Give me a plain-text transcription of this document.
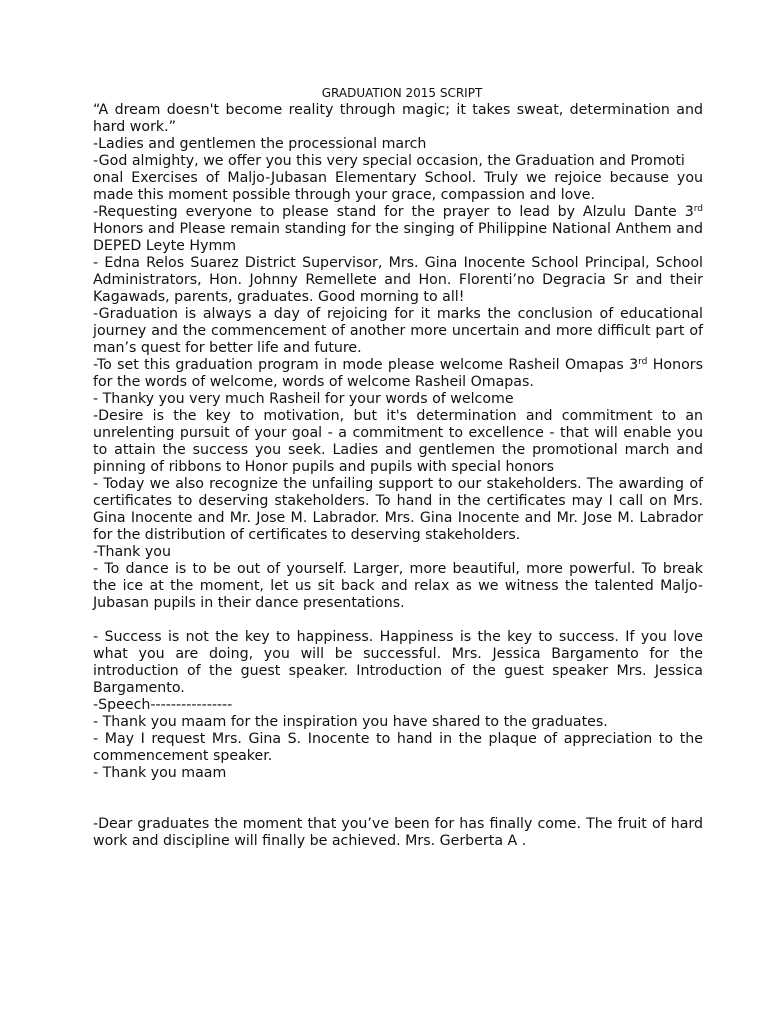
GRADUATION 2015 SCRIPT

“A dream doesn't become reality through magic; it takes sweat, determination and hard work.”

-Ladies and gentlemen the processional march

-God almighty, we offer you this very special occasion, the Graduation and Promoti

onal Exercises of Maljo-Jubasan Elementary School. Truly we rejoice because you made this moment possible through your grace, compassion and love.

-Requesting everyone to please stand for the prayer to lead by Alzulu Dante 3rd Honors and Please remain standing for the singing of Philippine National Anthem and DEPED Leyte Hymm

- Edna Relos Suarez District Supervisor, Mrs. Gina Inocente School Principal, School Administrators, Hon. Johnny Remellete and Hon. Florenti’no Degracia Sr and their Kagawads, parents, graduates. Good morning to all!

-Graduation is always a day of rejoicing for it marks the conclusion of educational journey and the commencement of another more uncertain and more difficult part of man’s quest for better life and future.

-To set this graduation program in mode please welcome Rasheil Omapas 3rd Honors for the words of welcome, words of welcome Rasheil Omapas.

- Thanky you very much Rasheil for your words of welcome

-Desire is the key to motivation, but it's determination and commitment to an unrelenting pursuit of your goal - a commitment to excellence - that will enable you to attain the success you seek. Ladies and gentlemen the promotional march and pinning of ribbons to Honor pupils and pupils with special honors

- Today we also recognize the unfailing support to our stakeholders. The awarding of certificates to deserving stakeholders. To hand in the certificates may I call on Mrs. Gina Inocente and Mr. Jose M. Labrador. Mrs. Gina Inocente and Mr. Jose M. Labrador for the distribution of certificates to deserving stakeholders.

-Thank you

- To dance is to be out of yourself. Larger, more beautiful, more powerful. To break the ice at the moment, let us sit back and relax as we witness the talented Maljo-Jubasan pupils in their dance presentations.

- Success is not the key to happiness. Happiness is the key to success. If you love what you are doing, you will be successful. Mrs. Jessica Bargamento for the introduction of the guest speaker. Introduction of the guest speaker Mrs. Jessica Bargamento.

-Speech----------------

- Thank you maam for the inspiration you have shared to the graduates.

- May I request Mrs. Gina S. Inocente to hand in the plaque of appreciation to the commencement speaker.

- Thank you maam

-Dear graduates the moment that you’ve been for has finally come. The fruit of hard work and discipline will finally be achieved. Mrs. Gerberta A .
